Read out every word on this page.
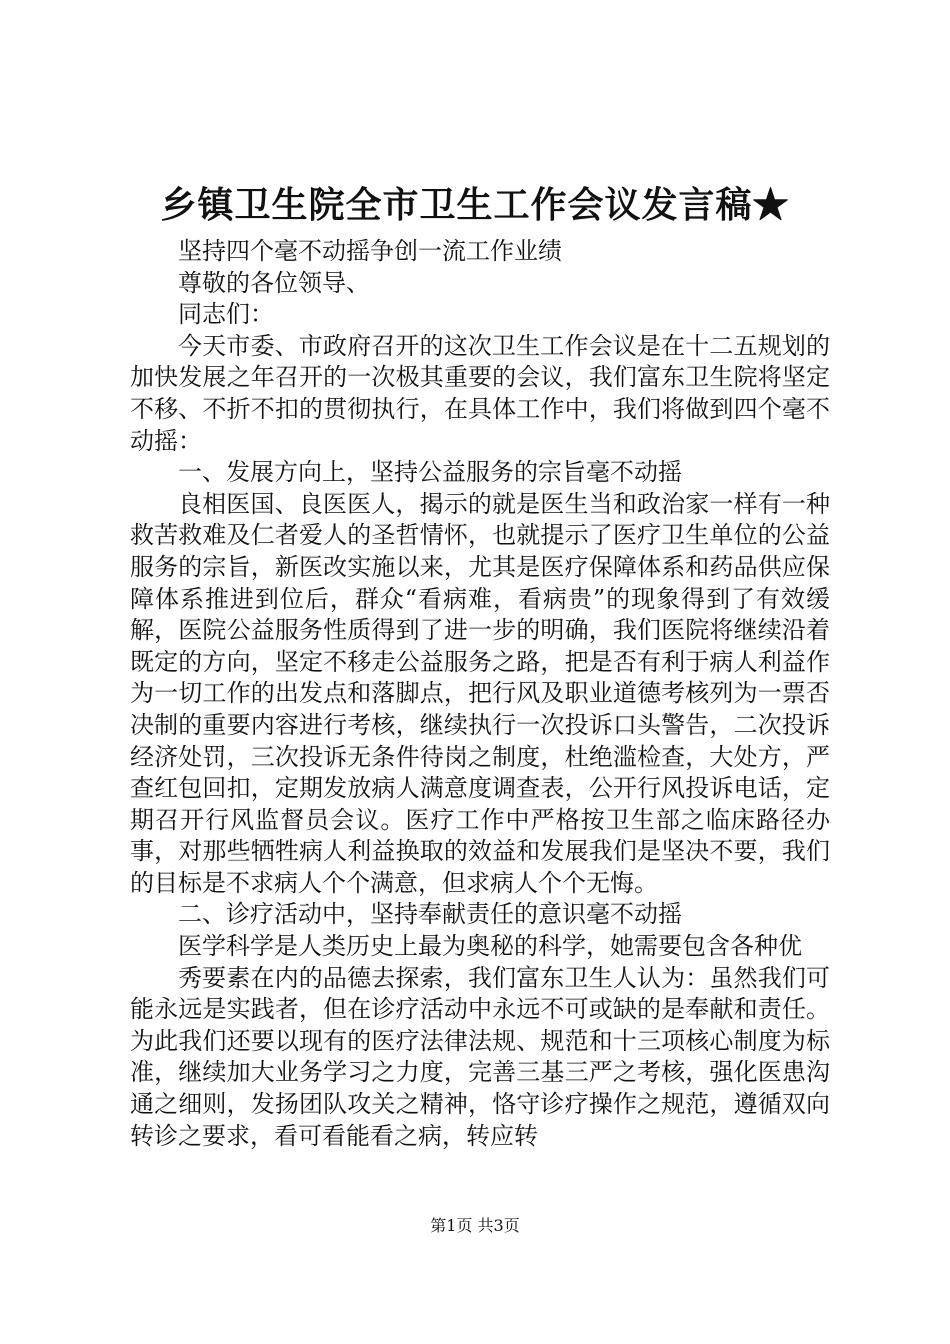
乡镇卫生院全市卫生工作会议发言稿★

坚持四个毫不动摇争创一流工作业绩

尊敬的各位领导、

同志们：

今天市委、市政府召开的这次卫生工作会议是在十二五规划的加快发展之年召开的一次极其重要的会议，我们富东卫生院将坚定不移、不折不扣的贯彻执行，在具体工作中，我们将做到四个毫不动摇：

一、发展方向上，坚持公益服务的宗旨毫不动摇

良相医国、良医医人，揭示的就是医生当和政治家一样有一种救苦救难及仁者爱人的圣哲情怀，也就提示了医疗卫生单位的公益服务的宗旨，新医改实施以来，尤其是医疗保障体系和药品供应保障体系推进到位后，群众“看病难，看病贵”的现象得到了有效缓解，医院公益服务性质得到了进一步的明确，我们医院将继续沿着既定的方向，坚定不移走公益服务之路，把是否有利于病人利益作为一切工作的出发点和落脚点，把行风及职业道德考核列为一票否决制的重要内容进行考核，继续执行一次投诉口头警告，二次投诉经济处罚，三次投诉无条件待岗之制度，杜绝滥检查，大处方，严查红包回扣，定期发放病人满意度调查表，公开行风投诉电话，定期召开行风监督员会议。医疗工作中严格按卫生部之临床路径办事，对那些牺牲病人利益换取的效益和发展我们是坚决不要，我们的目标是不求病人个个满意，但求病人个个无悔。

二、诊疗活动中，坚持奉献责任的意识毫不动摇

医学科学是人类历史上最为奥秘的科学，她需要包含各种优

秀要素在内的品德去探索，我们富东卫生人认为：虽然我们可能永远是实践者，但在诊疗活动中永远不可或缺的是奉献和责任。为此我们还要以现有的医疗法律法规、规范和十三项核心制度为标准，继续加大业务学习之力度，完善三基三严之考核，强化医患沟通之细则，发扬团队攻关之精神，恪守诊疗操作之规范，遵循双向转诊之要求，看可看能看之病，转应转

第1页 共3页
